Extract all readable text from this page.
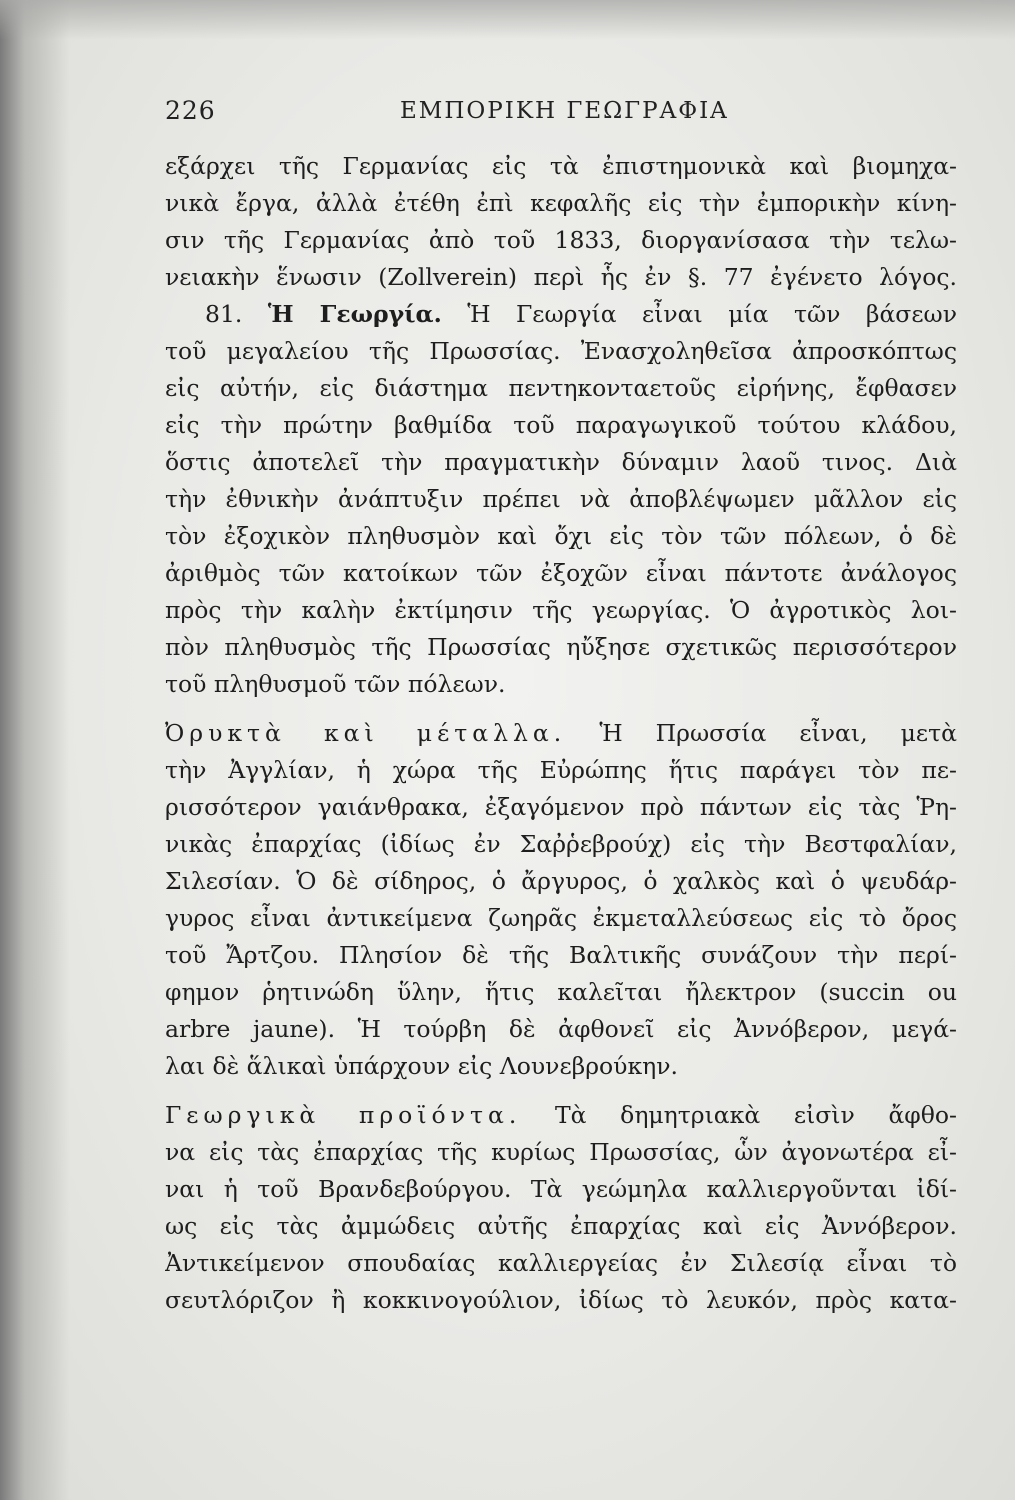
226	ΕΜΠΟΡΙΚΗ ΓΕΩΓΡΑΦΙΑ
εξάρχει τῆς Γερμανίας εἰς τὰ ἐπιστημονικὰ καὶ βιομηχα-
νικὰ ἔργα, ἀλλὰ ἐτέθη ἐπὶ κεφαλῆς εἰς τὴν ἐμπορικὴν κίνη-
σιν τῆς Γερμανίας ἀπὸ τοῦ 1833, διοργανίσασα τὴν τελω-
νειακὴν ἕνωσιν (Zollverein) περὶ ἧς ἐν §. 77 ἐγένετο λόγος.
81. Ἡ Γεωργία. Ἡ Γεωργία εἶναι μία τῶν βάσεων
τοῦ μεγαλείου τῆς Πρωσσίας. Ἐνασχοληθεῖσα ἀπροσκόπτως
εἰς αὐτήν, εἰς διάστημα πεντηκονταετοῦς εἰρήνης, ἔφθασεν
εἰς τὴν πρώτην βαθμίδα τοῦ παραγωγικοῦ τούτου κλάδου,
ὅστις ἀποτελεῖ τὴν πραγματικὴν δύναμιν λαοῦ τινος. Διὰ
τὴν ἐθνικὴν ἀνάπτυξιν πρέπει νὰ ἀποβλέψωμεν μᾶλλον εἰς
τὸν ἐξοχικὸν πληθυσμὸν καὶ ὄχι εἰς τὸν τῶν πόλεων, ὁ δὲ
ἀριθμὸς τῶν κατοίκων τῶν ἐξοχῶν εἶναι πάντοτε ἀνάλογος
πρὸς τὴν καλὴν ἐκτίμησιν τῆς γεωργίας. Ὁ ἀγροτικὸς λοι-
πὸν πληθυσμὸς τῆς Πρωσσίας ηὔξησε σχετικῶς περισσότερον
τοῦ πληθυσμοῦ τῶν πόλεων.
Ὀρυκτὰ καὶ μέταλλα. Ἡ Πρωσσία εἶναι, μετὰ
τὴν Ἀγγλίαν, ἡ χώρα τῆς Εὐρώπης ἥτις παράγει τὸν πε-
ρισσότερον γαιάνθρακα, ἐξαγόμενον πρὸ πάντων εἰς τὰς Ῥη-
νικὰς ἐπαρχίας (ἰδίως ἐν Σαῤῥεβρούχ) εἰς τὴν Βεστφαλίαν,
Σιλεσίαν. Ὁ δὲ σίδηρος, ὁ ἄργυρος, ὁ χαλκὸς καὶ ὁ ψευδάρ-
γυρος εἶναι ἀντικείμενα ζωηρᾶς ἐκμεταλλεύσεως εἰς τὸ ὄρος
τοῦ Ἄρτζου. Πλησίον δὲ τῆς Βαλτικῆς συνάζουν τὴν περί-
φημον ῥητινώδη ὕλην, ἥτις καλεῖται ἤλεκτρον (succin ou
arbre jaune). Ἡ τούρβη δὲ ἀφθονεῖ εἰς Ἀννόβερον, μεγά-
λαι δὲ ἅλικαὶ ὑπάρχουν εἰς Λουνεβρούκην.
Γεωργικὰ προϊόντα. Τὰ δημητριακὰ εἰσὶν ἄφθο-
να εἰς τὰς ἐπαρχίας τῆς κυρίως Πρωσσίας, ὧν ἀγονωτέρα εἶ-
ναι ἡ τοῦ Βρανδεβούργου. Τὰ γεώμηλα καλλιεργοῦνται ἰδί-
ως εἰς τὰς ἀμμώδεις αὐτῆς ἐπαρχίας καὶ εἰς Ἀννόβερον.
Ἀντικείμενον σπουδαίας καλλιεργείας ἐν Σιλεσίᾳ εἶναι τὸ
σευτλόριζον ἢ κοκκινογούλιον, ἰδίως τὸ λευκόν, πρὸς κατα-
